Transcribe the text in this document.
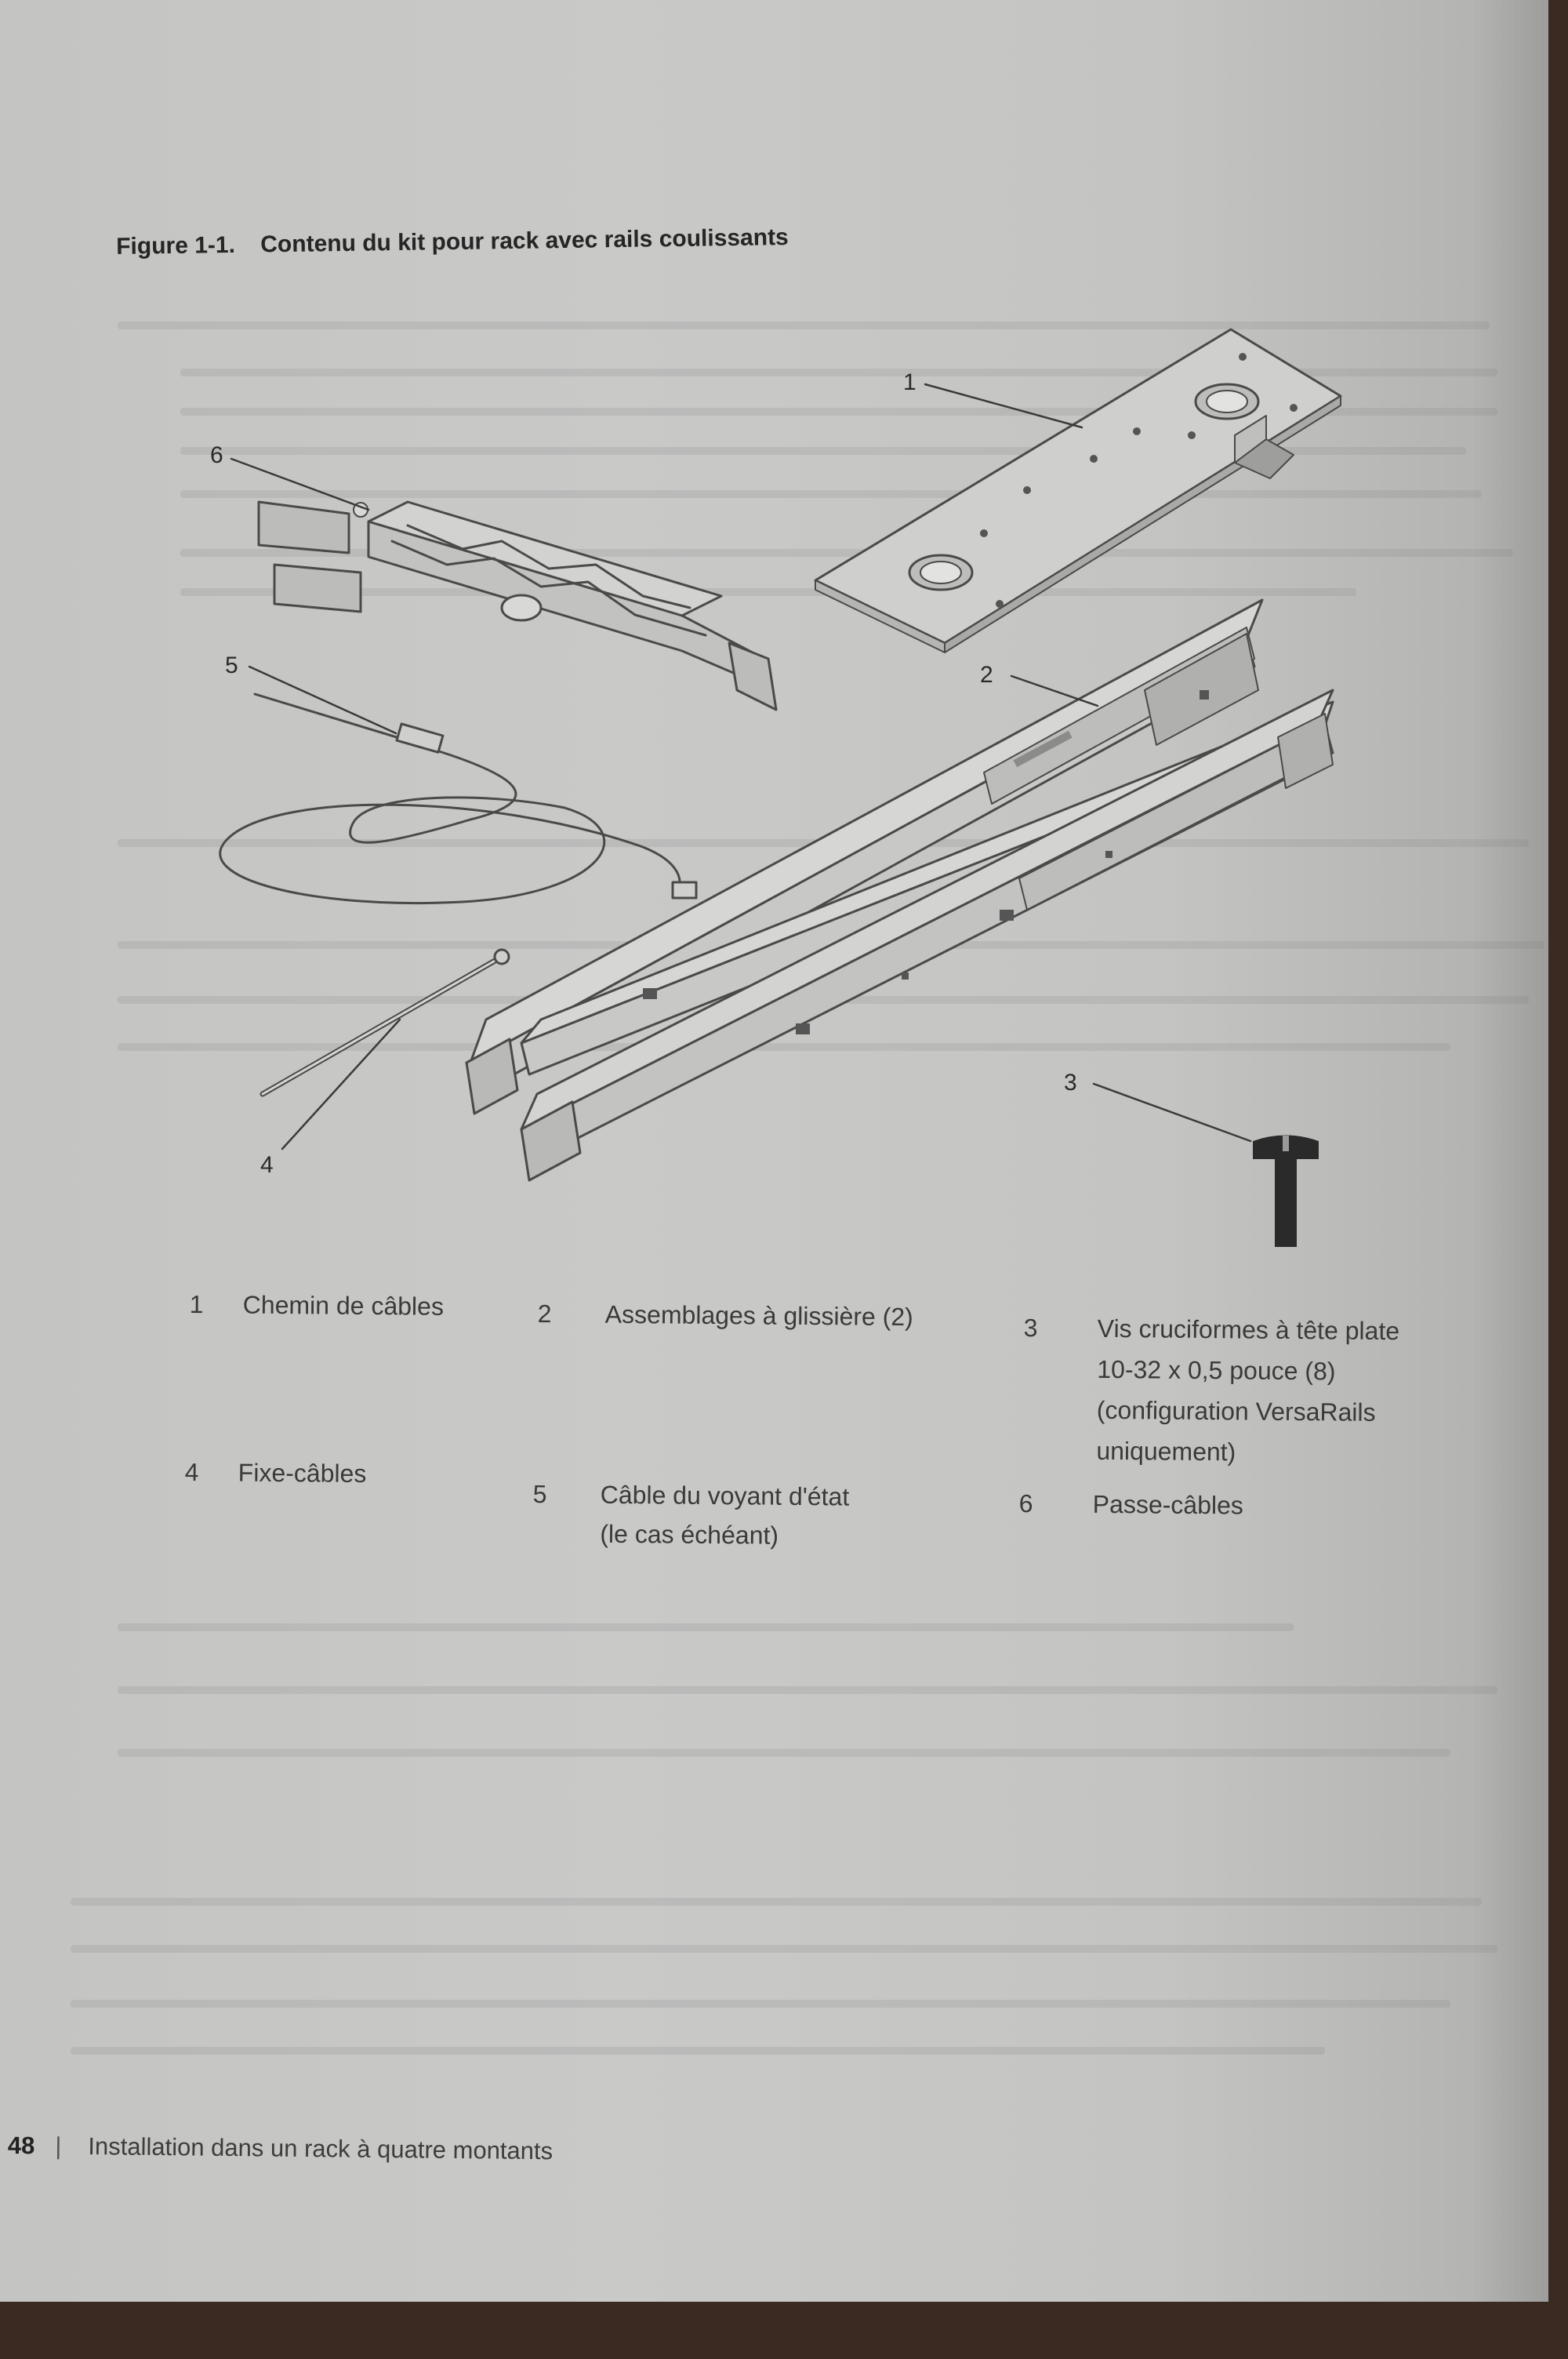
Figure 1-1. Contenu du kit pour rack avec rails coulissants
1
2
3
4
5
6
1	Chemin de câbles	2	Assemblages à glissière (2)	3	Vis cruciformes à tête plate
10-32 x 0,5 pouce (8)
(configuration VersaRails
uniquement)
4	Fixe-câbles
5	Câble du voyant d'état
(le cas échéant)
6	Passe-câbles
48 | Installation dans un rack à quatre montants
